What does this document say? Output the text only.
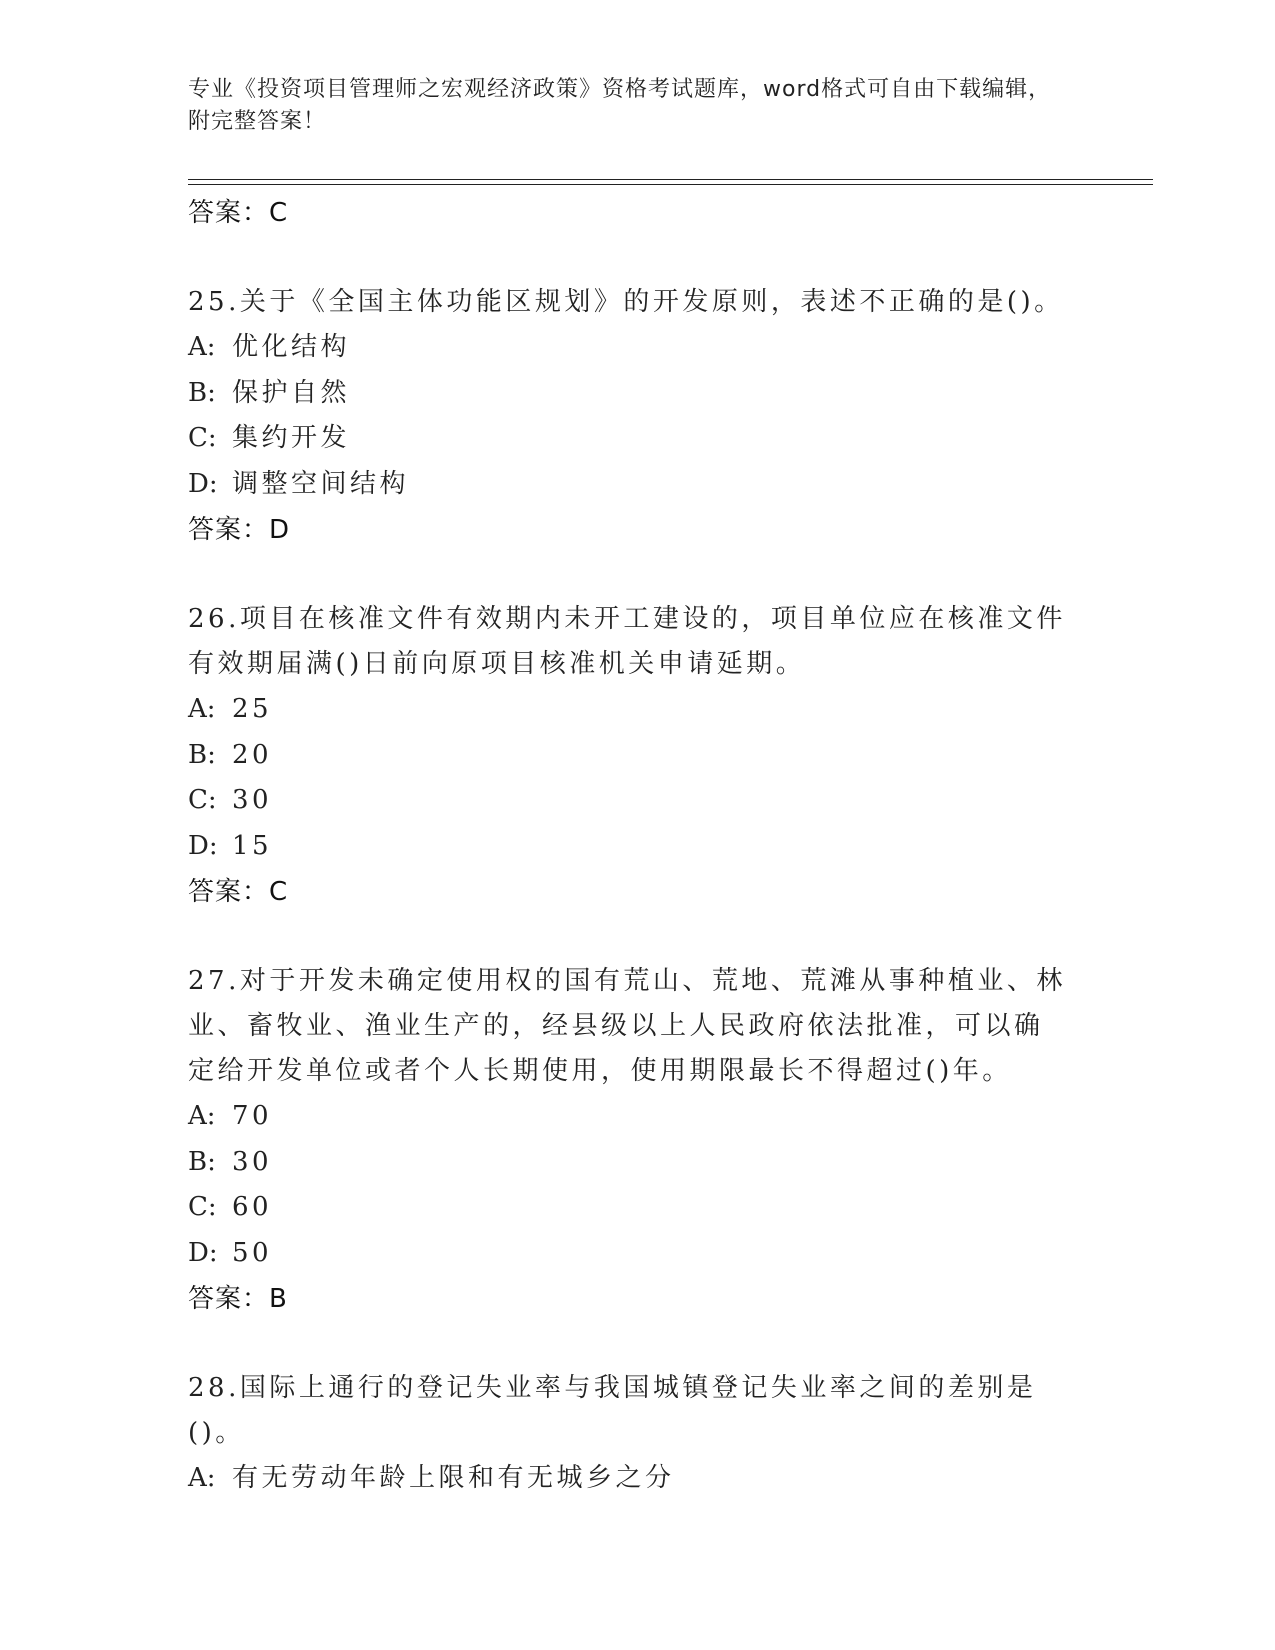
专业《投资项目管理师之宏观经济政策》资格考试题库，word格式可自由下载编辑，附完整答案！
答案：C
25.关于《全国主体功能区规划》的开发原则，表述不正确的是()。
A: 优化结构
B: 保护自然
C: 集约开发
D: 调整空间结构
答案：D
26.项目在核准文件有效期内未开工建设的，项目单位应在核准文件有效期届满()日前向原项目核准机关申请延期。
A: 25
B: 20
C: 30
D: 15
答案：C
27.对于开发未确定使用权的国有荒山、荒地、荒滩从事种植业、林业、畜牧业、渔业生产的，经县级以上人民政府依法批准，可以确定给开发单位或者个人长期使用，使用期限最长不得超过()年。
A: 70
B: 30
C: 60
D: 50
答案：B
28.国际上通行的登记失业率与我国城镇登记失业率之间的差别是()。
A: 有无劳动年龄上限和有无城乡之分
